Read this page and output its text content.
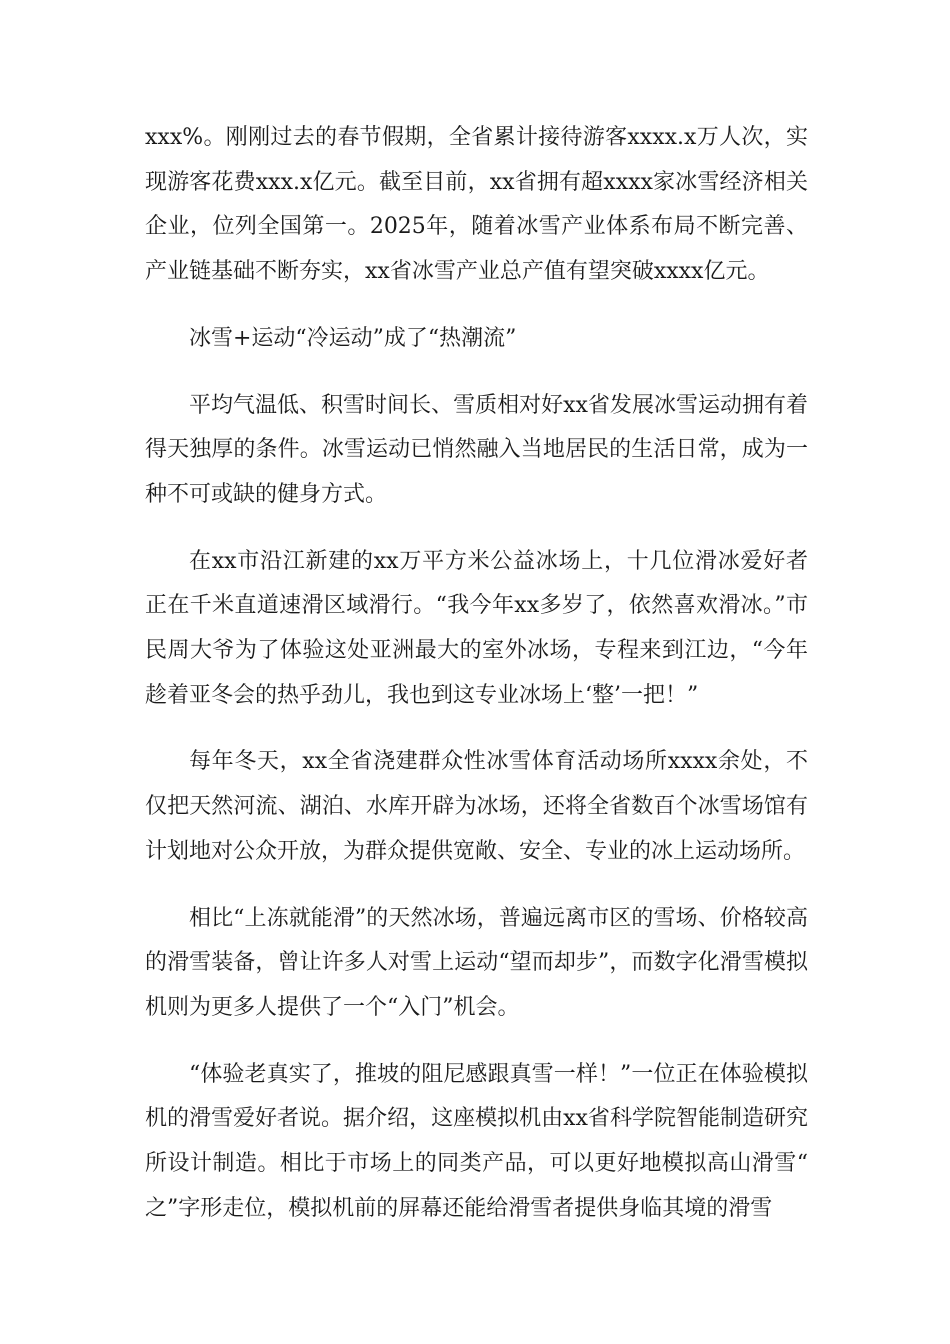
xxx%。刚刚过去的春节假期，全省累计接待游客xxxx.x万人次，实现游客花费xxx.x亿元。截至目前，xx省拥有超xxxx家冰雪经济相关企业，位列全国第一。2025年，随着冰雪产业体系布局不断完善、产业链基础不断夯实，xx省冰雪产业总产值有望突破xxxx亿元。

冰雪+运动“冷运动”成了“热潮流”

平均气温低、积雪时间长、雪质相对好xx省发展冰雪运动拥有着得天独厚的条件。冰雪运动已悄然融入当地居民的生活日常，成为一种不可或缺的健身方式。

在xx市沿江新建的xx万平方米公益冰场上，十几位滑冰爱好者正在千米直道速滑区域滑行。“我今年xx多岁了，依然喜欢滑冰。”市民周大爷为了体验这处亚洲最大的室外冰场，专程来到江边，“今年趁着亚冬会的热乎劲儿，我也到这专业冰场上‘整’一把！”

每年冬天，xx全省浇建群众性冰雪体育活动场所xxxx余处，不仅把天然河流、湖泊、水库开辟为冰场，还将全省数百个冰雪场馆有计划地对公众开放，为群众提供宽敞、安全、专业的冰上运动场所。

相比“上冻就能滑”的天然冰场，普遍远离市区的雪场、价格较高的滑雪装备，曾让许多人对雪上运动“望而却步”，而数字化滑雪模拟机则为更多人提供了一个“入门”机会。

“体验老真实了，推坡的阻尼感跟真雪一样！”一位正在体验模拟机的滑雪爱好者说。据介绍，这座模拟机由xx省科学院智能制造研究所设计制造。相比于市场上的同类产品，可以更好地模拟高山滑雪“之”字形走位，模拟机前的屏幕还能给滑雪者提供身临其境的滑雪
